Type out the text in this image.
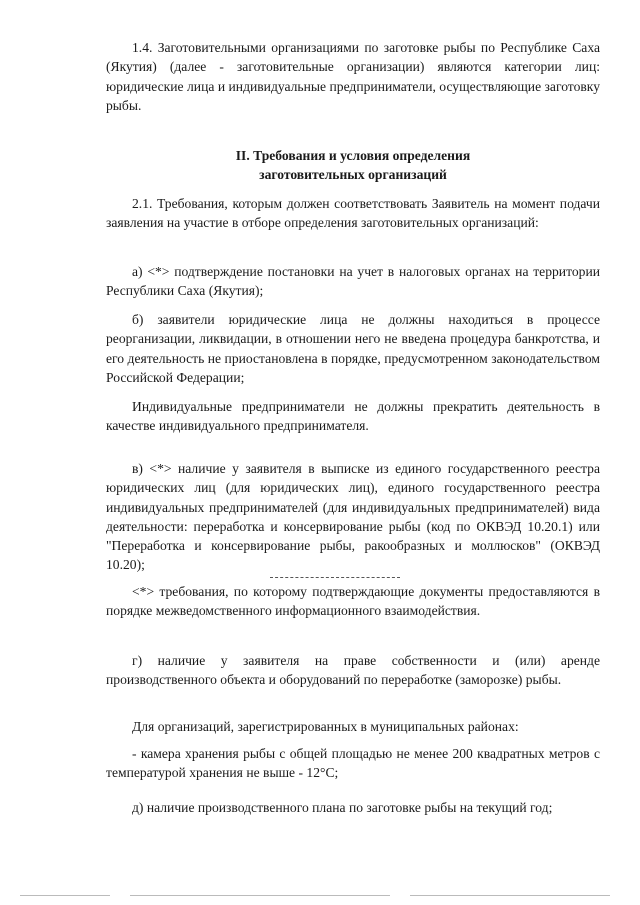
1.4. Заготовительными организациями по заготовке рыбы по Республике Саха (Якутия) (далее - заготовительные организации) являются категории лиц: юридические лица и индивидуальные предприниматели, осуществляющие заготовку рыбы.
II. Требования и условия определения
заготовительных организаций
2.1. Требования, которым должен соответствовать Заявитель на момент подачи заявления на участие в отборе определения заготовительных организаций:
а) <*> подтверждение постановки на учет в налоговых органах на территории Республики Саха (Якутия);
б) заявители юридические лица не должны находиться в процессе реорганизации, ликвидации, в отношении него не введена процедура банкротства, и его деятельность не приостановлена в порядке, предусмотренном законодательством Российской Федерации;
Индивидуальные предприниматели не должны прекратить деятельность в качестве индивидуального предпринимателя.
в) <*> наличие у заявителя в выписке из единого государственного реестра юридических лиц (для юридических лиц), единого государственного реестра индивидуальных предпринимателей (для индивидуальных предпринимателей) вида деятельности: переработка и консервирование рыбы (код по ОКВЭД 10.20.1) или "Переработка и консервирование рыбы, ракообразных и моллюсков" (ОКВЭД 10.20);
<*> требования, по которому подтверждающие документы предоставляются в порядке межведомственного информационного взаимодействия.
г) наличие у заявителя на праве собственности и (или) аренде производственного объекта и оборудований по переработке (заморозке) рыбы.
Для организаций, зарегистрированных в муниципальных районах:
- камера хранения рыбы с общей площадью не менее 200 квадратных метров с температурой хранения не выше - 12°С;
д) наличие производственного плана по заготовке рыбы на текущий год;
